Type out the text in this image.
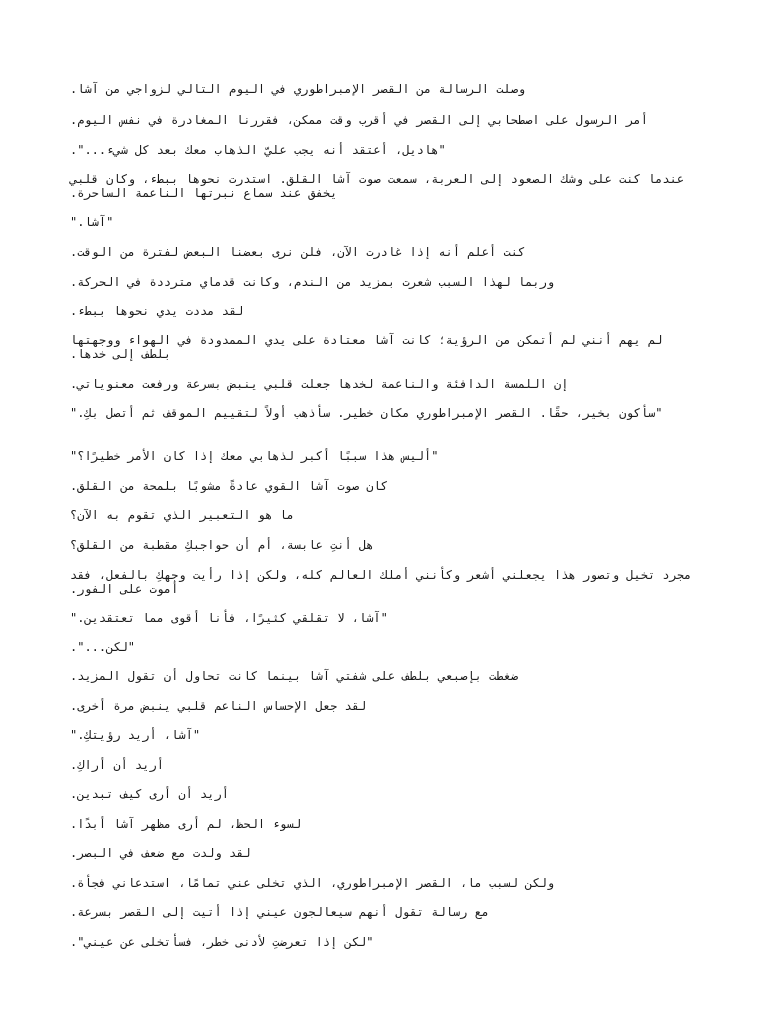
وصلت الرسالة من القصر الإمبراطوري في اليوم التالي لزواجي من آشا.

أمر الرسول على اصطحابي إلى القصر في أقرب وقت ممكن، فقررنا المغادرة في نفس اليوم.

"هاديل، أعتقد أنه يجب عليّ الذهاب معك بعد كل شيء...".

عندما كنت على وشك الصعود إلى العربة، سمعت صوت آشا القلق. استدرت نحوها ببطء، وكان قلبي يخفق عند سماع نبرتها الناعمة الساحرة.

"آشا."

كنت أعلم أنه إذا غادرت الآن، فلن نرى بعضنا البعض لفترة من الوقت.

وربما لهذا السبب شعرت بمزيد من الندم، وكانت قدماي مترددة في الحركة.

لقد مددت يدي نحوها ببطء.

لم يهم أنني لم أتمكن من الرؤية؛ كانت آشا معتادة على يدي الممدودة في الهواء ووجهتها بلطف إلى خدها.

إن اللمسة الدافئة والناعمة لخدها جعلت قلبي ينبض بسرعة ورفعت معنوياتي.

"سأكون بخير، حقًا. القصر الإمبراطوري مكان خطير. سأذهب أولاً لتقييم الموقف ثم أتصل بكِ."

"أليس هذا سببًا أكبر لذهابي معك إذا كان الأمر خطيرًا؟"

كان صوت آشا القوي عادةً مشوبًا بلمحة من القلق.

ما هو التعبير الذي تقوم به الآن؟

هل أنتِ عابسة، أم أن حواجبكِ مقطبة من القلق؟

مجرد تخيل وتصور هذا يجعلني أشعر وكأنني أملك العالم كله، ولكن إذا رأيت وجهكِ بالفعل، فقد أموت على الفور.

"آشا، لا تقلقي كثيرًا، فأنا أقوى مما تعتقدين."

"لكن...".

ضغطت بإصبعي بلطف على شفتي آشا بينما كانت تحاول أن تقول المزيد.

لقد جعل الإحساس الناعم قلبي ينبض مرة أخرى.

"آشا، أريد رؤيتكِ."

أريد أن أراكِ.

أريد أن أرى كيف تبدين.

لسوء الحظ، لم أرى مظهر آشا أبدًا.

لقد ولدت مع ضعف في البصر.

ولكن لسبب ما، القصر الإمبراطوري، الذي تخلى عني تمامًا، استدعاني فجأة.

مع رسالة تقول أنهم سيعالجون عيني إذا أتيت إلى القصر بسرعة.

"لكن إذا تعرضتِ لأدنى خطر، فسأتخلى عن عيني".
